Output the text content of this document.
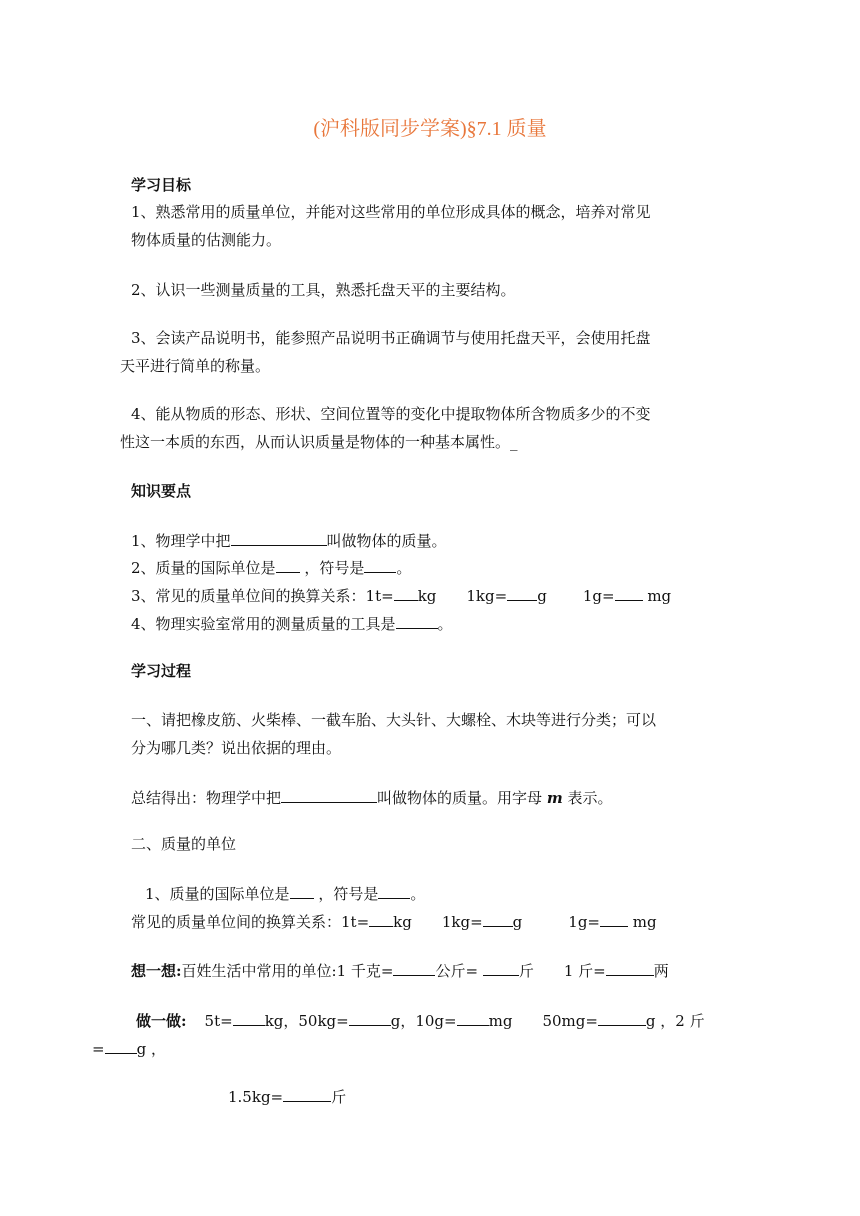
(沪科版同步学案)§7.1 质量
学习目标
1、熟悉常用的质量单位，并能对这些常用的单位形成具体的概念，培养对常见
物体质量的估测能力。
2、认识一些测量质量的工具，熟悉托盘天平的主要结构。
3、会读产品说明书，能参照产品说明书正确调节与使用托盘天平，会使用托盘
天平进行简单的称量。
4、能从物质的形态、形状、空间位置等的变化中提取物体所含物质多少的不变
性这一本质的东西，从而认识质量是物体的一种基本属性。_
知识要点
1、物理学中把	叫做物体的质量。
2、质量的国际单位是 ，符号是 。
3、常见的质量单位间的换算关系：1t= kg 1kg= g 1g= mg
4、物理实验室常用的测量质量的工具是	。
学习过程
一、请把橡皮筋、火柴棒、一截车胎、大头针、大螺栓、木块等进行分类；可以
分为哪几类？说出依据的理由。
总结得出：物理学中把	叫做物体的质量。用字母 m 表示。
二、质量的单位
1、质量的国际单位是 ，符号是 。
常见的质量单位间的换算关系：1t= kg 1kg= g	1g= mg
想一想:百姓生活中常用的单位:1 千克=	公斤=	斤 1 斤=	两
做一做: 5t= kg，50kg=	g，10g= mg 50mg=	g ，2 斤
= g ，
1.5kg=	斤
